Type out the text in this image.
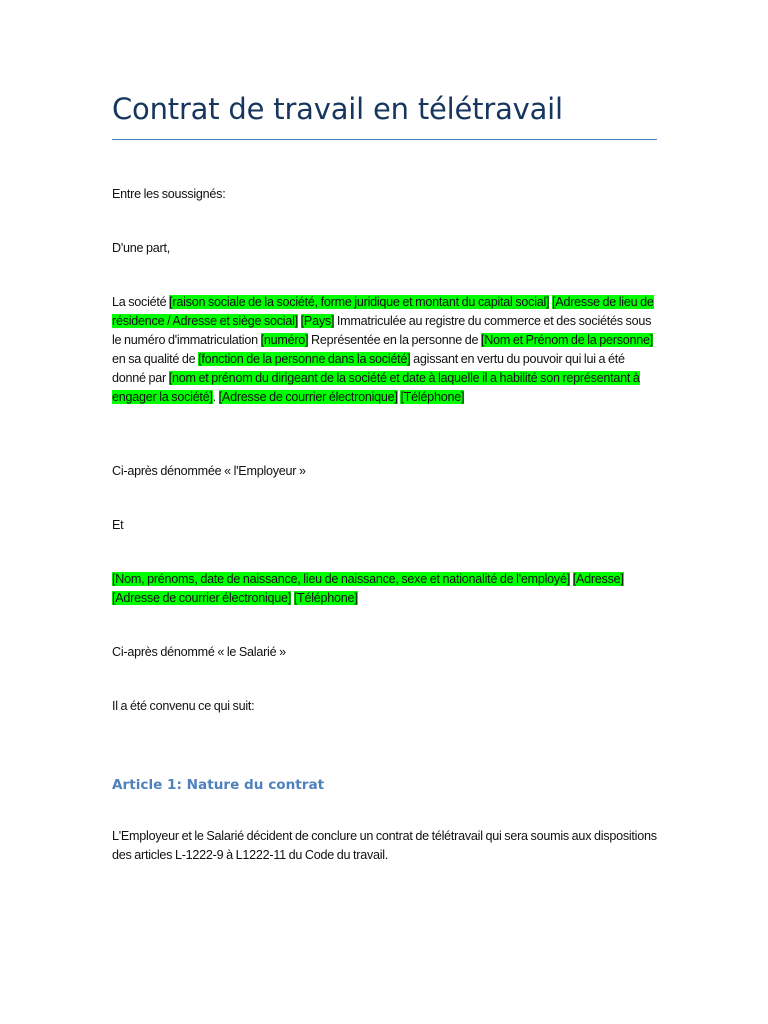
Contrat de travail en télétravail

Entre les soussignés:

D'une part,

La société [raison sociale de la société, forme juridique et montant du capital social] [Adresse de lieu de résidence / Adresse et siège social] [Pays] Immatriculée au registre du commerce et des sociétés sous le numéro d'immatriculation [numéro] Représentée en la personne de [Nom et Prénom de la personne] en sa qualité de [fonction de la personne dans la société] agissant en vertu du pouvoir qui lui a été donné par [nom et prénom du dirigeant de la société et date à laquelle il a habilité son représentant à engager la société]. [Adresse de courrier électronique] [Téléphone]

Ci-après dénommée « l'Employeur »

Et

[Nom, prénoms, date de naissance, lieu de naissance, sexe et nationalité de l'employé] [Adresse] [Adresse de courrier électronique] [Téléphone]

Ci-après dénommé « le Salarié »

Il a été convenu ce qui suit:

Article 1: Nature du contrat

L'Employeur et le Salarié décident de conclure un contrat de télétravail qui sera soumis aux dispositions des articles L-1222-9 à L1222-11 du Code du travail.
